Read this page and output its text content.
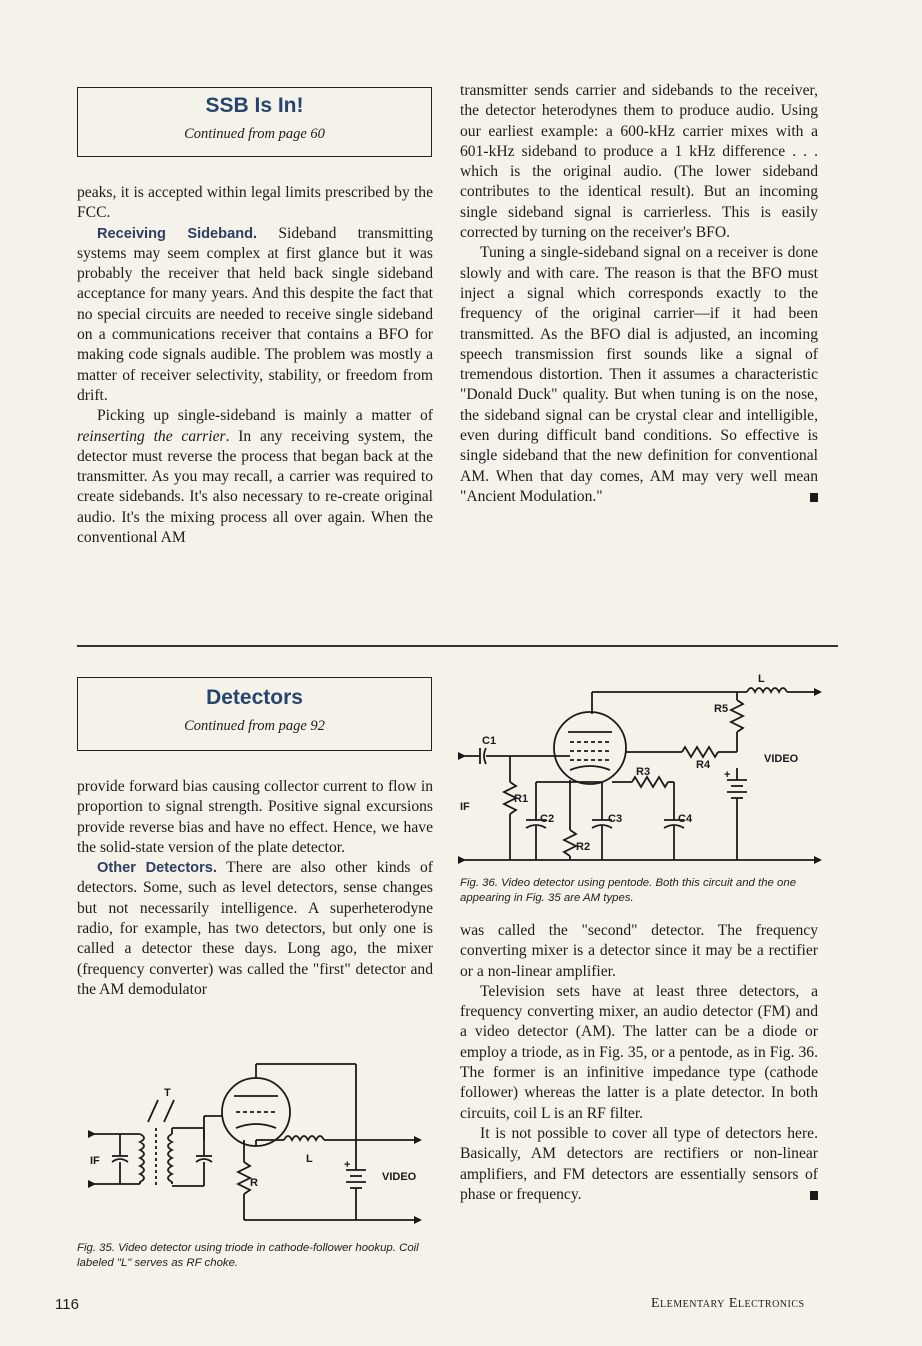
SSB Is In!
Continued from page 60

peaks, it is accepted within legal limits prescribed by the FCC.

Receiving Sideband. Sideband transmitting systems may seem complex at first glance but it was probably the receiver that held back single sideband acceptance for many years. And this despite the fact that no special circuits are needed to receive single sideband on a communications receiver that contains a BFO for making code signals audible. The problem was mostly a matter of receiver selectivity, stability, or freedom from drift.

Picking up single-sideband is mainly a matter of reinserting the carrier. In any receiving system, the detector must reverse the process that began back at the transmitter. As you may recall, a carrier was required to create sidebands. It's also necessary to re-create original audio. It's the mixing process all over again. When the conventional AM

transmitter sends carrier and sidebands to the receiver, the detector heterodynes them to produce audio. Using our earliest example: a 600-kHz carrier mixes with a 601-kHz sideband to produce a 1 kHz difference . . . which is the original audio. (The lower sideband contributes to the identical result). But an incoming single sideband signal is carrierless. This is easily corrected by turning on the receiver's BFO.

Tuning a single-sideband signal on a receiver is done slowly and with care. The reason is that the BFO must inject a signal which corresponds exactly to the frequency of the original carrier—if it had been transmitted. As the BFO dial is adjusted, an incoming speech transmission first sounds like a signal of tremendous distortion. Then it assumes a characteristic "Donald Duck" quality. But when tuning is on the nose, the sideband signal can be crystal clear and intelligible, even during difficult band conditions. So effective is single sideband that the new definition for conventional AM. When that day comes, AM may very well mean "Ancient Modulation."

Detectors
Continued from page 92

provide forward bias causing collector current to flow in proportion to signal strength. Positive signal excursions provide reverse bias and have no effect. Hence, we have the solid-state version of the plate detector.

Other Detectors. There are also other kinds of detectors. Some, such as level detectors, sense changes but not necessarily intelligence. A superheterodyne radio, for example, has two detectors, but only one is called a detector these days. Long ago, the mixer (frequency converter) was called the "first" detector and the AM demodulator

C1
C2	C3	C4
R1
R2
R3
R4
R5
L
IF
VIDEO
+
Fig. 36. Video detector using pentode. Both this circuit and the one appearing in Fig. 35 are AM types.

was called the "second" detector. The frequency converting mixer is a detector since it may be a rectifier or a non-linear amplifier.

Television sets have at least three detectors, a frequency converting mixer, an audio detector (FM) and a video detector (AM). The latter can be a diode or employ a triode, as in Fig. 35, or a pentode, as in Fig. 36. The former is an infinitive impedance type (cathode follower) whereas the latter is a plate detector. In both circuits, coil L is an RF filter.

It is not possible to cover all type of detectors here. Basically, AM detectors are rectifiers or non-linear amplifiers, and FM detectors are essentially sensors of phase or frequency.

T
IF	L
R	VIDEO
+
Fig. 35. Video detector using triode in cathode-follower hookup. Coil labeled "L" serves as RF choke.
116	Elementary Electronics
